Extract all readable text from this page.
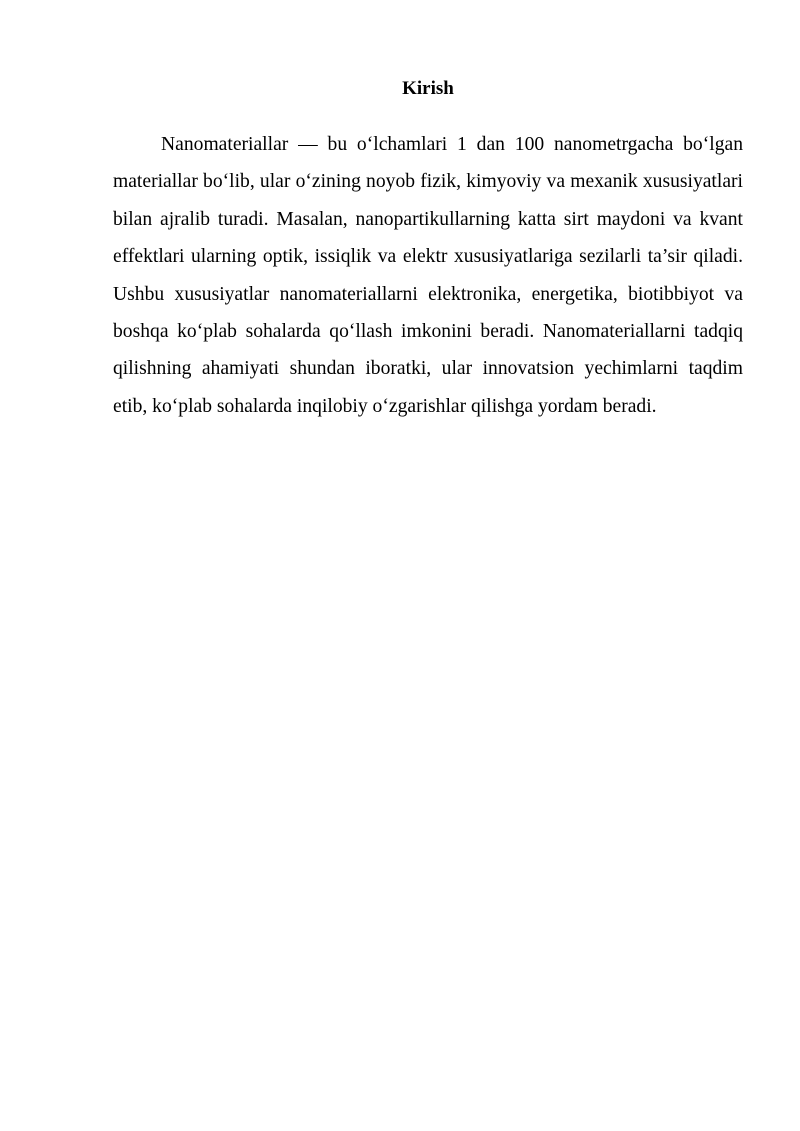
Kirish

Nanomateriallar — bu o‘lchamlari 1 dan 100 nanometrgacha bo‘lgan materiallar bo‘lib, ular o‘zining noyob fizik, kimyoviy va mexanik xususiyatlari bilan ajralib turadi. Masalan, nanopartikullarning katta sirt maydoni va kvant effektlari ularning optik, issiqlik va elektr xususiyatlariga sezilarli ta’sir qiladi. Ushbu xususiyatlar nanomateriallarni elektronika, energetika, biotibbiyot va boshqa ko‘plab sohalarda qo‘llash imkonini beradi. Nanomateriallarni tadqiq qilishning ahamiyati shundan iboratki, ular innovatsion yechimlarni taqdim etib, ko‘plab sohalarda inqilobiy o‘zgarishlar qilishga yordam beradi.
